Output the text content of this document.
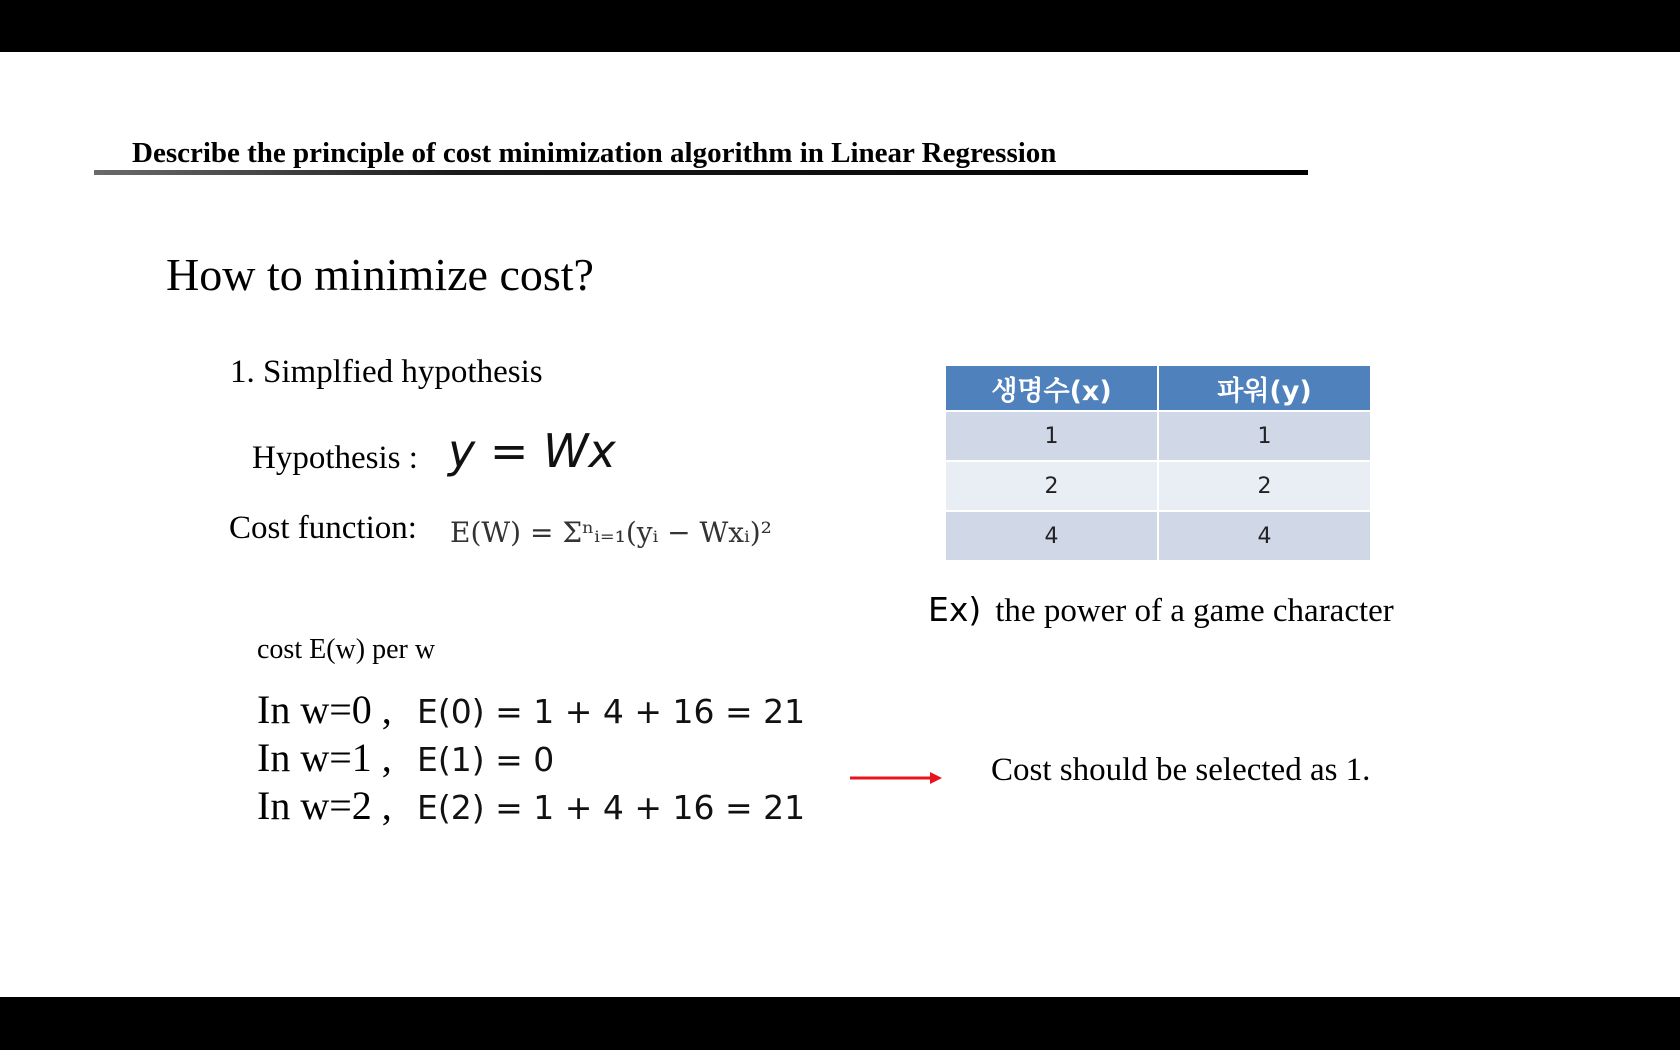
Describe the principle of cost minimization algorithm in Linear Regression
How to minimize cost?
1. Simplfied hypothesis
Hypothesis : y = Wx
Cost function: E(W) = Σⁿᵢ₌₁(yᵢ − Wxᵢ)²
cost E(w) per w
In w=0 , E(0) = 1 + 4 + 16 = 21
In w=1 , E(1) = 0
In w=2 , E(2) = 1 + 4 + 16 = 21
Cost should be selected as 1.
생명수(x)	파워(y)
1	1
2	2
4	4
Ex) the power of a game character
